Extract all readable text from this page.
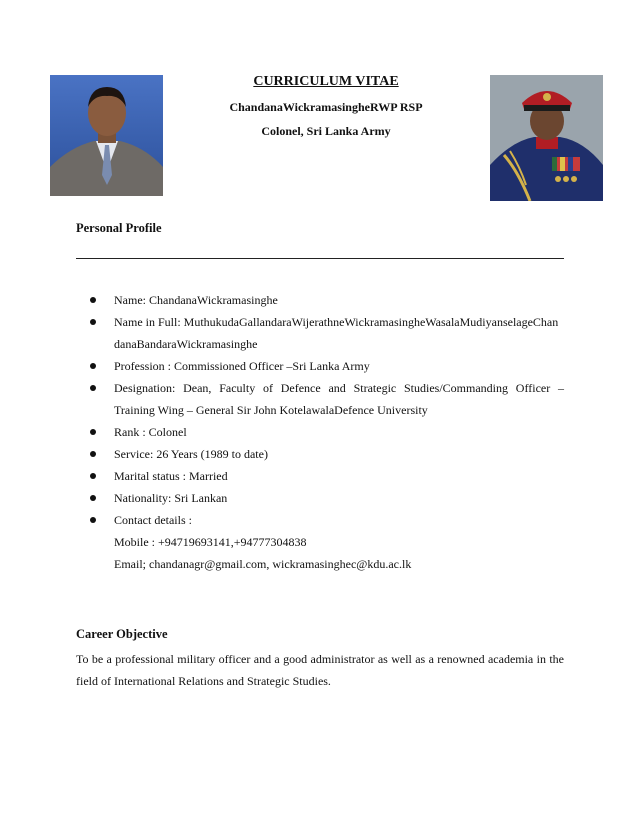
CURRICULUM VITAE
ChandanaWickramasingheRWP RSP
Colonel, Sri Lanka Army
Personal Profile
Name: ChandanaWickramasinghe
Name in Full: MuthukudaGallandaraWijerathneWickramasingheWasalaMudiyanselageChandanaBandaraWickramasinghe
Profession : Commissioned Officer –Sri Lanka Army
Designation: Dean, Faculty of Defence and Strategic Studies/Commanding Officer –
Training Wing – General Sir John KotelawalaDefence University
Rank : Colonel
Service: 26 Years (1989 to date)
Marital status : Married
Nationality: Sri Lankan
Contact details :
Mobile : +94719693141,+94777304838
Email; chandanagr@gmail.com, wickramasinghec@kdu.ac.lk
Career Objective
To be a professional military officer and a good administrator as well as a renowned academia in the field of International Relations and Strategic Studies.
